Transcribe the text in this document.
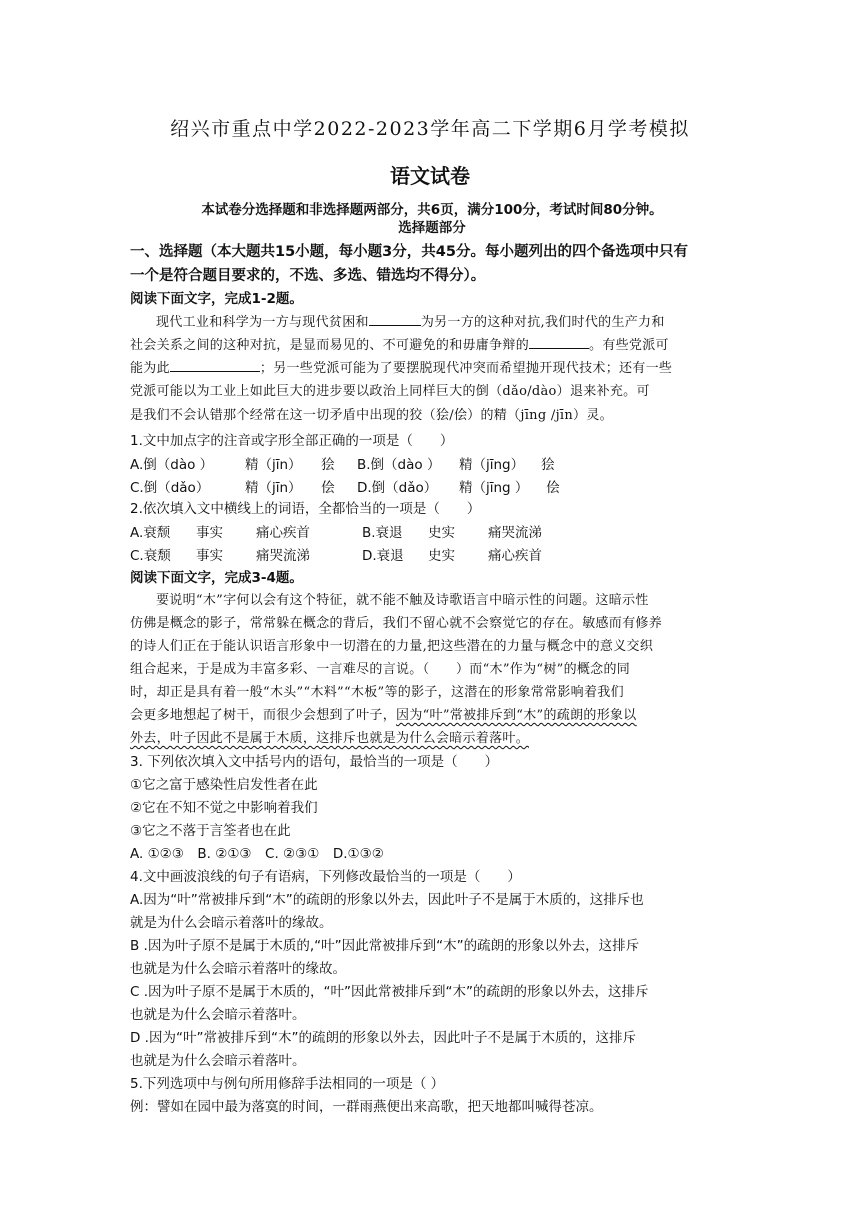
绍兴市重点中学2022-2023学年高二下学期6月学考模拟
语文试卷
本试卷分选择题和非选择题两部分，共6页，满分100分，考试时间80分钟。
选择题部分
一、选择题（本大题共15小题，每小题3分，共45分。每小题列出的四个备选项中只有
一个是符合题目要求的，不选、多选、错选均不得分）。
阅读下面文字，完成1-2题。
现代工业和科学为一方与现代贫困和	为另一方的这种对抗,我们时代的生产力和
社会关系之间的这种对抗，是显而易见的、不可避免的和毋庸争辩的	。有些党派可
能为此	；另一些党派可能为了要摆脱现代冲突而希望抛开现代技术；还有一些
党派可能以为工业上如此巨大的进步要以政治上同样巨大的倒（dǎo/dào）退来补充。可
是我们不会认错那个经常在这一切矛盾中出现的狡（狯/侩）的精（jīng /jīn）灵。
1.文中加点字的注音或字形全部正确的一项是（　　）
A.倒（dào ） 精（jīn） 狯 B.倒（dào ） 精（jīng） 狯
C.倒（dǎo）	精（jīn） 侩 D.倒（dǎo） 精（jīng ） 侩
2.依次填入文中横线上的词语，全都恰当的一项是（　　）
A.衰颓 事实 痛心疾首	B.衰退 史实 痛哭流涕
C.衰颓 事实 痛哭流涕	D.衰退 史实 痛心疾首
阅读下面文字，完成3-4题。
要说明“木”字何以会有这个特征，就不能不触及诗歌语言中暗示性的问题。这暗示性
仿佛是概念的影子，常常躲在概念的背后，我们不留心就不会察觉它的存在。敏感而有修养
的诗人们正在于能认识语言形象中一切潜在的力量,把这些潜在的力量与概念中的意义交织
组合起来，于是成为丰富多彩、一言难尽的言说。（　　）而“木”作为“树”的概念的同
时，却正是具有着一般“木头”“木料”“木板”等的影子，这潜在的形象常常影响着我们
会更多地想起了树干，而很少会想到了叶子，因为“叶”常被排斥到“木”的疏朗的形象以
外去，叶子因此不是属于木质，这排斥也就是为什么会暗示着落叶。
3. 下列依次填入文中括号内的语句，最恰当的一项是（　　）
①它之富于感染性启发性者在此
②它在不知不觉之中影响着我们
③它之不落于言筌者也在此
A. ①②③　B. ②①③　C. ②③①　D.①③②
4.文中画波浪线的句子有语病，下列修改最恰当的一项是（　　）
A.因为“叶”常被排斥到“木”的疏朗的形象以外去，因此叶子不是属于木质的，这排斥也
就是为什么会暗示着落叶的缘故。
B .因为叶子原不是属于木质的,“叶”因此常被排斥到“木”的疏朗的形象以外去，这排斥
也就是为什么会暗示着落叶的缘故。
C .因为叶子原不是属于木质的，“叶”因此常被排斥到“木”的疏朗的形象以外去，这排斥
也就是为什么会暗示着落叶。
D .因为“叶”常被排斥到“木”的疏朗的形象以外去，因此叶子不是属于木质的，这排斥
也就是为什么会暗示着落叶。
5.下列选项中与例句所用修辞手法相同的一项是（ ）
例：譬如在园中最为落寞的时间，一群雨燕便出来高歌，把天地都叫喊得苍凉。
